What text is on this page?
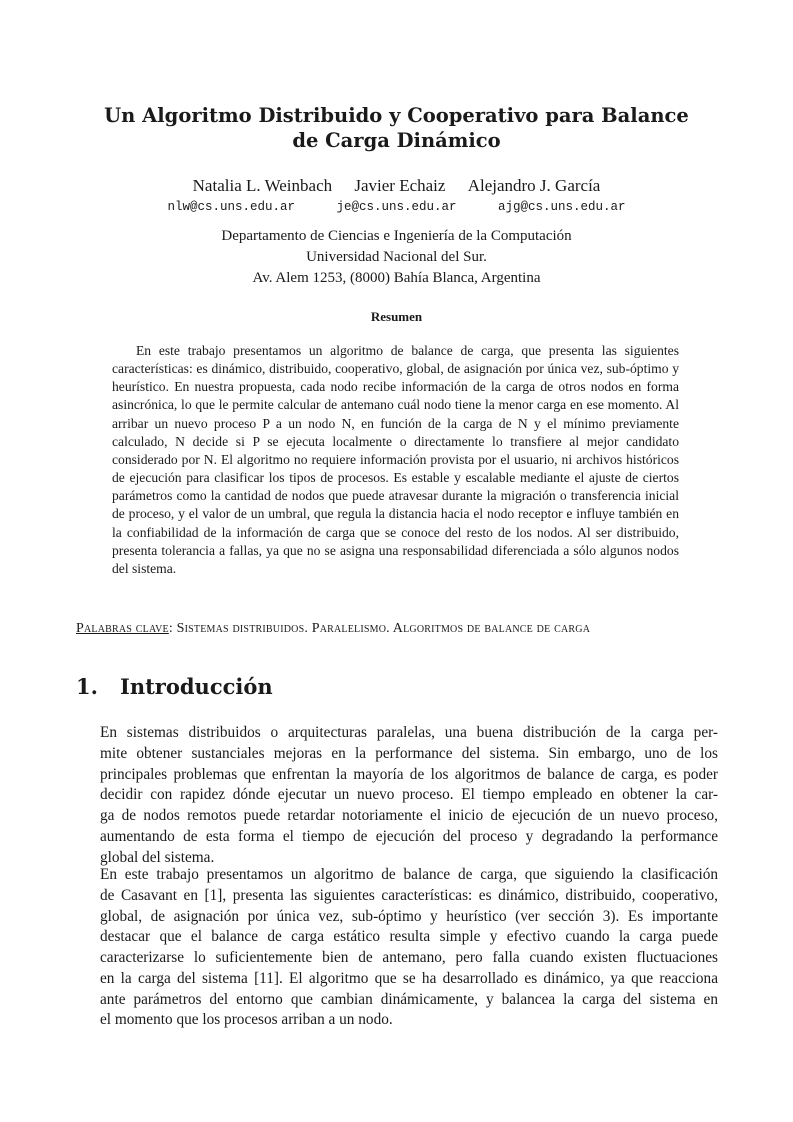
Un Algoritmo Distribuido y Cooperativo para Balance
de Carga Dinámico
Natalia L. Weinbach Javier Echaiz Alejandro J. García
nlw@cs.uns.edu.ar	je@cs.uns.edu.ar	ajg@cs.uns.edu.ar
Departamento de Ciencias e Ingeniería de la Computación
Universidad Nacional del Sur.
Av. Alem 1253, (8000) Bahía Blanca, Argentina
Resumen
En este trabajo presentamos un algoritmo de balance de carga, que presenta las siguientes características: es dinámico, distribuido, cooperativo, global, de asignación por única vez, sub-óptimo y heurístico. En nuestra propuesta, cada nodo recibe información de la carga de otros nodos en forma asincrónica, lo que le permite calcular de antemano cuál nodo tiene la menor carga en ese momento. Al arribar un nuevo proceso P a un nodo N, en función de la carga de N y el mínimo previamente calculado, N decide si P se ejecuta localmente o directamente lo transfiere al mejor candidato considerado por N. El algoritmo no requiere información provista por el usuario, ni archivos históricos de ejecución para clasificar los tipos de procesos. Es estable y escalable mediante el ajuste de ciertos parámetros como la cantidad de nodos que puede atravesar durante la migración o transferencia inicial de proceso, y el valor de un umbral, que regula la distancia hacia el nodo receptor e influye también en la confiabilidad de la información de carga que se conoce del resto de los nodos. Al ser distribuido, presenta tolerancia a fallas, ya que no se asigna una responsabilidad diferenciada a sólo algunos nodos del sistema.
Palabras clave: Sistemas distribuidos. Paralelismo. Algoritmos de balance de carga
1. Introducción
En sistemas distribuidos o arquitecturas paralelas, una buena distribución de la carga per-
mite obtener sustanciales mejoras en la performance del sistema. Sin embargo, uno de los
principales problemas que enfrentan la mayoría de los algoritmos de balance de carga, es poder
decidir con rapidez dónde ejecutar un nuevo proceso. El tiempo empleado en obtener la car-
ga de nodos remotos puede retardar notoriamente el inicio de ejecución de un nuevo proceso,
aumentando de esta forma el tiempo de ejecución del proceso y degradando la performance
global del sistema.
En este trabajo presentamos un algoritmo de balance de carga, que siguiendo la clasificación
de Casavant en [1], presenta las siguientes características: es dinámico, distribuido, cooperativo,
global, de asignación por única vez, sub-óptimo y heurístico (ver sección 3). Es importante
destacar que el balance de carga estático resulta simple y efectivo cuando la carga puede
caracterizarse lo suficientemente bien de antemano, pero falla cuando existen fluctuaciones
en la carga del sistema [11]. El algoritmo que se ha desarrollado es dinámico, ya que reacciona
ante parámetros del entorno que cambian dinámicamente, y balancea la carga del sistema en
el momento que los procesos arriban a un nodo.
